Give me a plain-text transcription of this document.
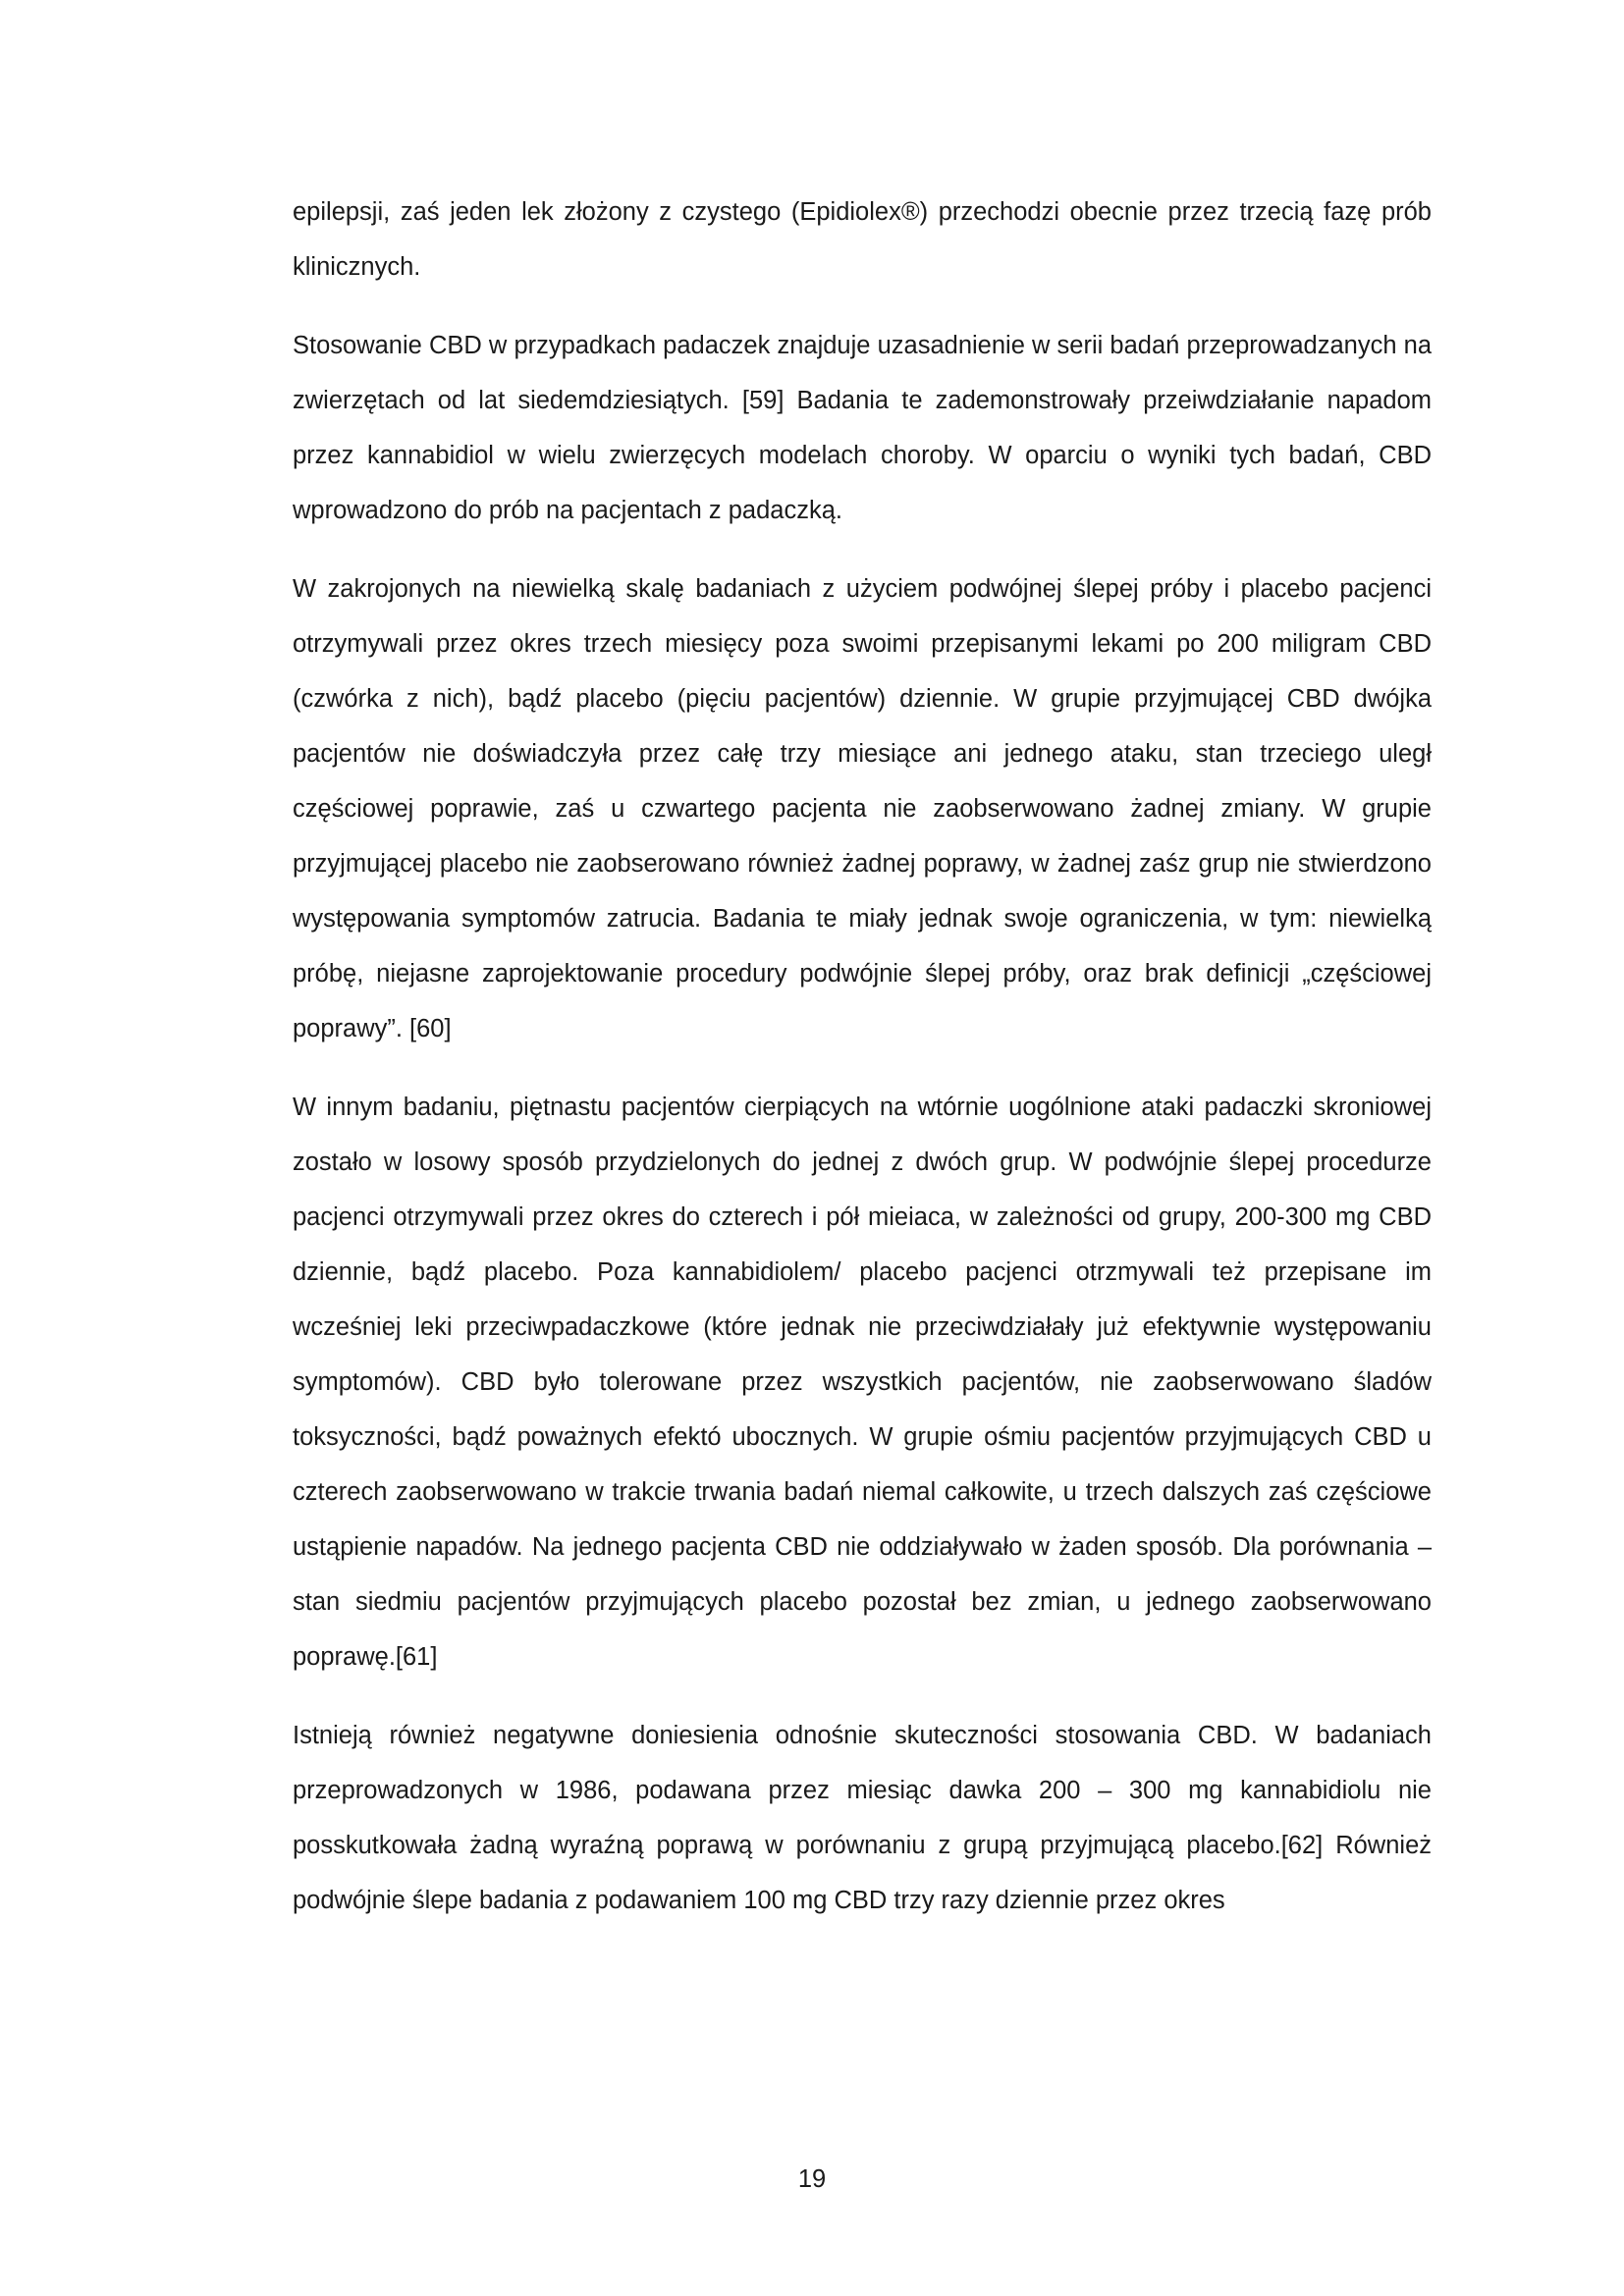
epilepsji, zaś jeden lek złożony z czystego (Epidiolex®) przechodzi obecnie przez trzecią fazę prób klinicznych.

Stosowanie CBD w przypadkach padaczek znajduje uzasadnienie w serii badań przeprowadzanych na zwierzętach od lat siedemdziesiątych. [59] Badania te zademonstrowały przeiwdziałanie napadom przez kannabidiol w wielu zwierzęcych modelach choroby. W oparciu o wyniki tych badań, CBD wprowadzono do prób na pacjentach z padaczką.

W zakrojonych na niewielką skalę badaniach z użyciem podwójnej ślepej próby i placebo pacjenci otrzymywali przez okres trzech miesięcy poza swoimi przepisanymi lekami po 200 miligram CBD (czwórka z nich), bądź placebo (pięciu pacjentów) dziennie. W grupie przyjmującej CBD dwójka pacjentów nie doświadczyła przez całę trzy miesiące ani jednego ataku, stan trzeciego uległ częściowej poprawie, zaś u czwartego pacjenta nie zaobserwowano żadnej zmiany. W grupie przyjmującej placebo nie zaobserowano również żadnej poprawy, w żadnej zaśz grup nie stwierdzono występowania symptomów zatrucia. Badania te miały jednak swoje ograniczenia, w tym: niewielką próbę, niejasne zaprojektowanie procedury podwójnie ślepej próby, oraz brak definicji „częściowej poprawy”. [60]

W innym badaniu, piętnastu pacjentów cierpiących na wtórnie uogólnione ataki padaczki skroniowej zostało w losowy sposób przydzielonych do jednej z dwóch grup. W podwójnie ślepej procedurze pacjenci otrzymywali przez okres do czterech i pół mieiaca, w zależności od grupy, 200-300 mg CBD dziennie, bądź placebo. Poza kannabidiolem/ placebo pacjenci otrzmywali też przepisane im wcześniej leki przeciwpadaczkowe (które jednak nie przeciwdziałały już efektywnie występowaniu symptomów). CBD było tolerowane przez wszystkich pacjentów, nie zaobserwowano śladów toksyczności, bądź poważnych efektó ubocznych. W grupie ośmiu pacjentów przyjmujących CBD u czterech zaobserwowano w trakcie trwania badań niemal całkowite, u trzech dalszych zaś częściowe ustąpienie napadów. Na jednego pacjenta CBD nie oddziaływało w żaden sposób. Dla porównania – stan siedmiu pacjentów przyjmujących placebo pozostał bez zmian, u jednego zaobserwowano poprawę.[61]

Istnieją również negatywne doniesienia odnośnie skuteczności stosowania CBD. W badaniach przeprowadzonych w 1986, podawana przez miesiąc dawka 200 – 300 mg kannabidiolu nie posskutkowała żadną wyraźną poprawą w porównaniu z grupą przyjmującą placebo.[62] Również podwójnie ślepe badania z podawaniem 100 mg CBD trzy razy dziennie przez okres

19
